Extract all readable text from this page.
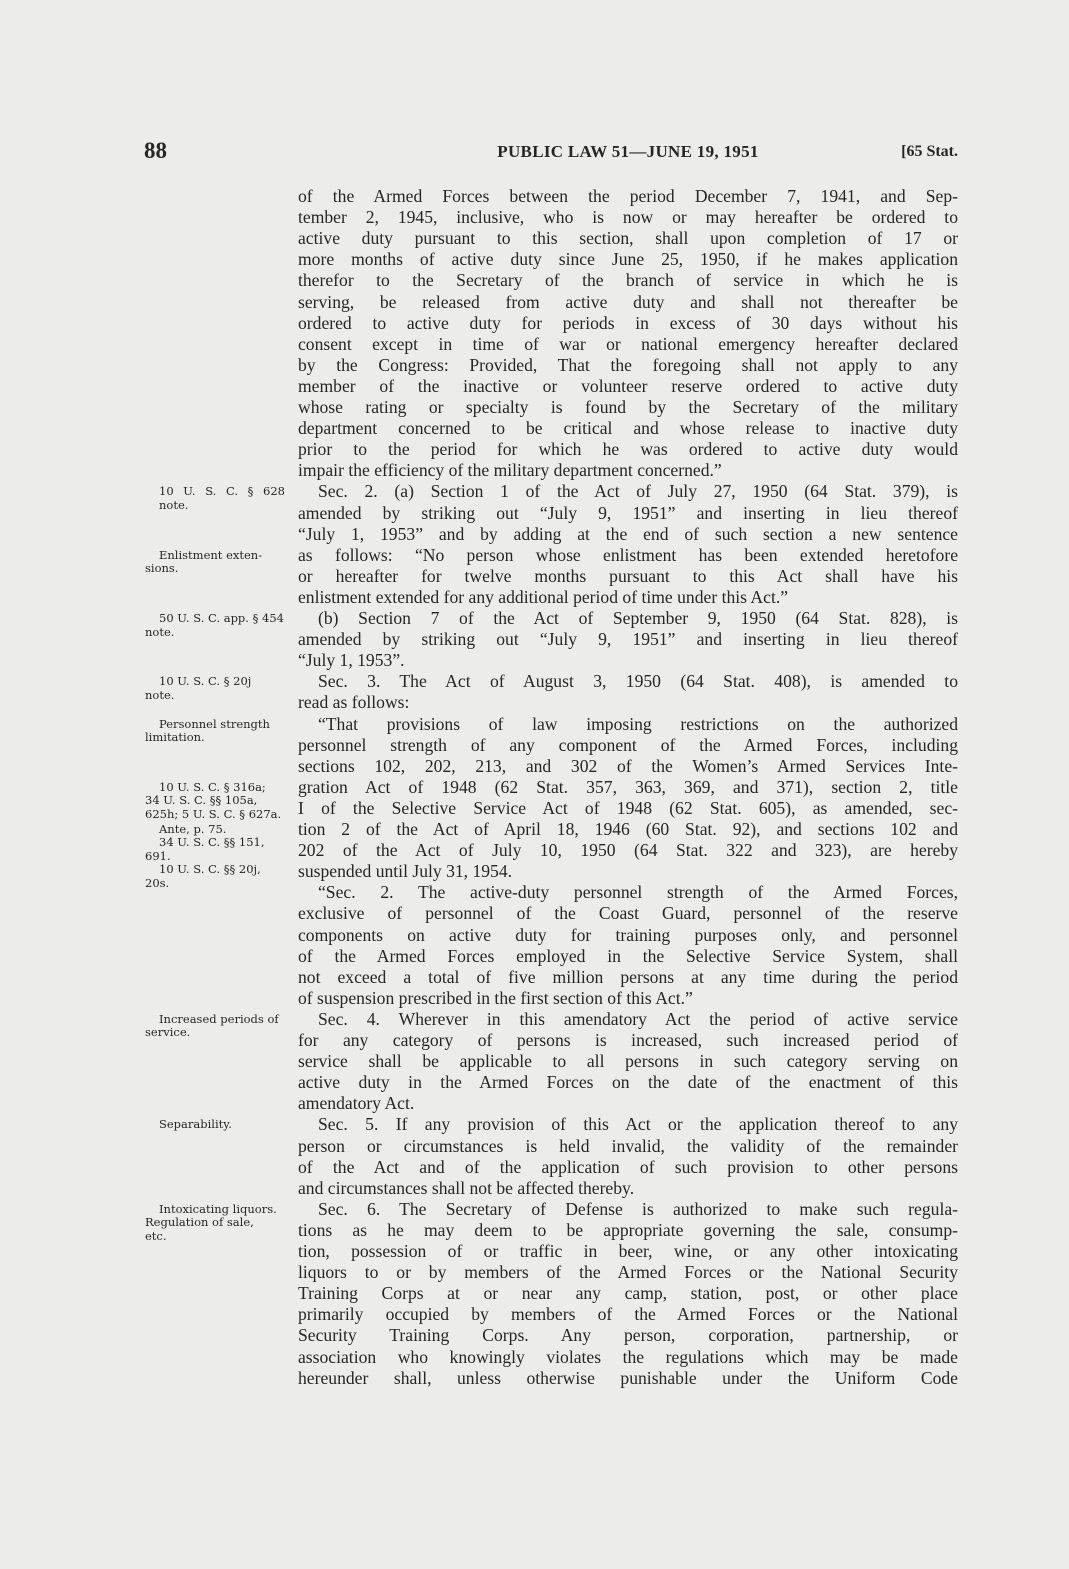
88	PUBLIC LAW 51—JUNE 19, 1951	[65 Stat.
of the Armed Forces between the period December 7, 1941, and Sep-
tember 2, 1945, inclusive, who is now or may hereafter be ordered to
active duty pursuant to this section, shall upon completion of 17 or
more months of active duty since June 25, 1950, if he makes application
therefor to the Secretary of the branch of service in which he is
serving, be released from active duty and shall not thereafter be
ordered to active duty for periods in excess of 30 days without his
consent except in time of war or national emergency hereafter declared
by the Congress: Provided, That the foregoing shall not apply to any
member of the inactive or volunteer reserve ordered to active duty
whose rating or specialty is found by the Secretary of the military
department concerned to be critical and whose release to inactive duty
prior to the period for which he was ordered to active duty would
impair the efficiency of the military department concerned.”
Sec. 2. (a) Section 1 of the Act of July 27, 1950 (64 Stat. 379), is
amended by striking out “July 9, 1951” and inserting in lieu thereof
“July 1, 1953” and by adding at the end of such section a new sentence
as follows: “No person whose enlistment has been extended heretofore
or hereafter for twelve months pursuant to this Act shall have his
enlistment extended for any additional period of time under this Act.”
(b) Section 7 of the Act of September 9, 1950 (64 Stat. 828), is
amended by striking out “July 9, 1951” and inserting in lieu thereof
“July 1, 1953”.
Sec. 3. The Act of August 3, 1950 (64 Stat. 408), is amended to
read as follows:
“That provisions of law imposing restrictions on the authorized
personnel strength of any component of the Armed Forces, including
sections 102, 202, 213, and 302 of the Women’s Armed Services Inte-
gration Act of 1948 (62 Stat. 357, 363, 369, and 371), section 2, title
I of the Selective Service Act of 1948 (62 Stat. 605), as amended, sec-
tion 2 of the Act of April 18, 1946 (60 Stat. 92), and sections 102 and
202 of the Act of July 10, 1950 (64 Stat. 322 and 323), are hereby
suspended until July 31, 1954.
“Sec. 2. The active-duty personnel strength of the Armed Forces,
exclusive of personnel of the Coast Guard, personnel of the reserve
components on active duty for training purposes only, and personnel
of the Armed Forces employed in the Selective Service System, shall
not exceed a total of five million persons at any time during the period
of suspension prescribed in the first section of this Act.”
Sec. 4. Wherever in this amendatory Act the period of active service
for any category of persons is increased, such increased period of
service shall be applicable to all persons in such category serving on
active duty in the Armed Forces on the date of the enactment of this
amendatory Act.
Sec. 5. If any provision of this Act or the application thereof to any
person or circumstances is held invalid, the validity of the remainder
of the Act and of the application of such provision to other persons
and circumstances shall not be affected thereby.
Sec. 6. The Secretary of Defense is authorized to make such regula-
tions as he may deem to be appropriate governing the sale, consump-
tion, possession of or traffic in beer, wine, or any other intoxicating
liquors to or by members of the Armed Forces or the National Security
Training Corps at or near any camp, station, post, or other place
primarily occupied by members of the Armed Forces or the National
Security Training Corps. Any person, corporation, partnership, or
association who knowingly violates the regulations which may be made
hereunder shall, unless otherwise punishable under the Uniform Code
10 U. S. C. § 628 note.
Enlistment exten-
sions.
50 U. S. C. app. § 454
note.
10 U. S. C. § 20j
note.
Personnel strength
limitation.
10 U. S. C. § 316a;
34 U. S. C. §§ 105a,
625h; 5 U. S. C. § 627a.
Ante, p. 75.
34 U. S. C. §§ 151,
691.
10 U. S. C. §§ 20j,
20s.
Increased periods of
service.
Separability.
Intoxicating liquors.
Regulation of sale,
etc.
